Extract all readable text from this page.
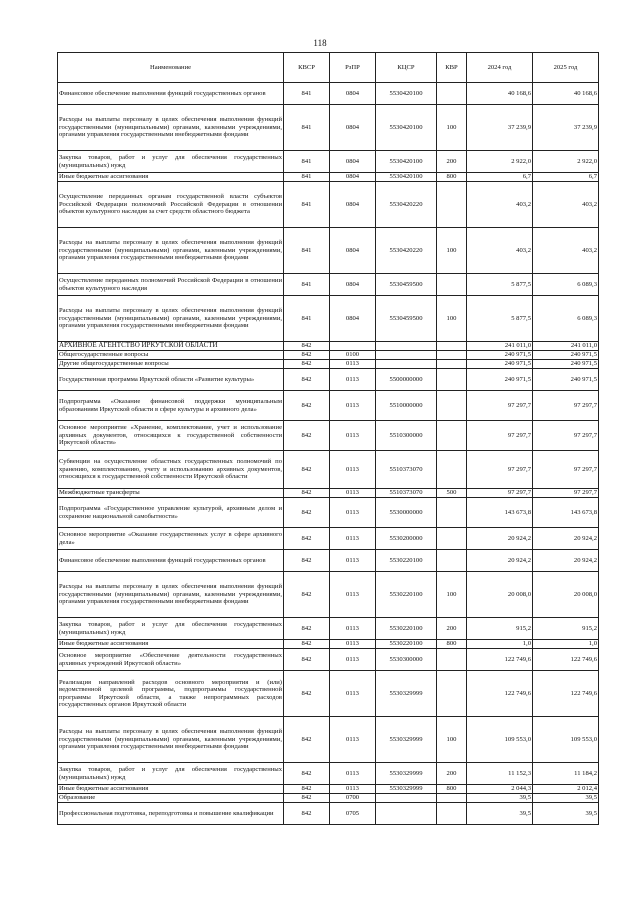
118
Наименование	КВСР	РзПР	КЦСР	КВР	2024 год	2025 год
Финансовое обеспечение выполнения функций государственных органов	841	0804	5530420100		40 168,6	40 168,6
Расходы на выплаты персоналу в целях обеспечения выполнения функций государственными (муниципальными) органами, казенными учреждениями, органами управления государственными внебюджетными фондами	841	0804	5530420100	100	37 239,9	37 239,9
Закупка товаров, работ и услуг для обеспечения государственных (муниципальных) нужд	841	0804	5530420100	200	2 922,0	2 922,0
Иные бюджетные ассигнования	841	0804	5530420100	800	6,7	6,7
Осуществление переданных органам государственной власти субъектов Российской Федерации полномочий Российской Федерации в отношении объектов культурного наследия за счет средств областного бюджета	841	0804	5530420220		403,2	403,2
Расходы на выплаты персоналу в целях обеспечения выполнения функций государственными (муниципальными) органами, казенными учреждениями, органами управления государственными внебюджетными фондами	841	0804	5530420220	100	403,2	403,2
Осуществление переданных полномочий Российской Федерации в отношении объектов культурного наследия	841	0804	5530459500		5 877,5	6 089,3
Расходы на выплаты персоналу в целях обеспечения выполнения функций государственными (муниципальными) органами, казенными учреждениями, органами управления государственными внебюджетными фондами	841	0804	5530459500	100	5 877,5	6 089,3
АРХИВНОЕ АГЕНТСТВО ИРКУТСКОЙ ОБЛАСТИ	842				241 011,0	241 011,0
Общегосударственные вопросы	842	0100			240 971,5	240 971,5
Другие общегосударственные вопросы	842	0113			240 971,5	240 971,5
Государственная программа Иркутской области «Развитие культуры»	842	0113	5500000000		240 971,5	240 971,5
Подпрограмма «Оказание финансовой поддержки муниципальным образованиям Иркутской области в сфере культуры и архивного дела»	842	0113	5510000000		97 297,7	97 297,7
Основное мероприятие «Хранение, комплектование, учет и использование архивных документов, относящихся к государственной собственности Иркутской области»	842	0113	5510300000		97 297,7	97 297,7
Субвенции на осуществление областных государственных полномочий по хранению, комплектованию, учету и использованию архивных документов, относящихся к государственной собственности Иркутской области	842	0113	5510373070		97 297,7	97 297,7
Межбюджетные трансферты	842	0113	5510373070	500	97 297,7	97 297,7
Подпрограмма «Государственное управление культурой, архивным делом и сохранение национальной самобытности»	842	0113	5530000000		143 673,8	143 673,8
Основное мероприятие «Оказание государственных услуг в сфере архивного дела»	842	0113	5530200000		20 924,2	20 924,2
Финансовое обеспечение выполнения функций государственных органов	842	0113	5530220100		20 924,2	20 924,2
Расходы на выплаты персоналу в целях обеспечения выполнения функций государственными (муниципальными) органами, казенными учреждениями, органами управления государственными внебюджетными фондами	842	0113	5530220100	100	20 008,0	20 008,0
Закупка товаров, работ и услуг для обеспечения государственных (муниципальных) нужд	842	0113	5530220100	200	915,2	915,2
Иные бюджетные ассигнования	842	0113	5530220100	800	1,0	1,0
Основное мероприятие «Обеспечение деятельности государственных архивных учреждений Иркутской области»	842	0113	5530300000		122 749,6	122 749,6
Реализация направлений расходов основного мероприятия и (или) ведомственной целевой программы, подпрограммы государственной программы Иркутской области, а также непрограммных расходов государственных органов Иркутской области	842	0113	5530329999		122 749,6	122 749,6
Расходы на выплаты персоналу в целях обеспечения выполнения функций государственными (муниципальными) органами, казенными учреждениями, органами управления государственными внебюджетными фондами	842	0113	5530329999	100	109 553,0	109 553,0
Закупка товаров, работ и услуг для обеспечения государственных (муниципальных) нужд	842	0113	5530329999	200	11 152,3	11 184,2
Иные бюджетные ассигнования	842	0113	5530329999	800	2 044,3	2 012,4
Образование	842	0700			39,5	39,5
Профессиональная подготовка, переподготовка и повышение квалификации	842	0705			39,5	39,5
